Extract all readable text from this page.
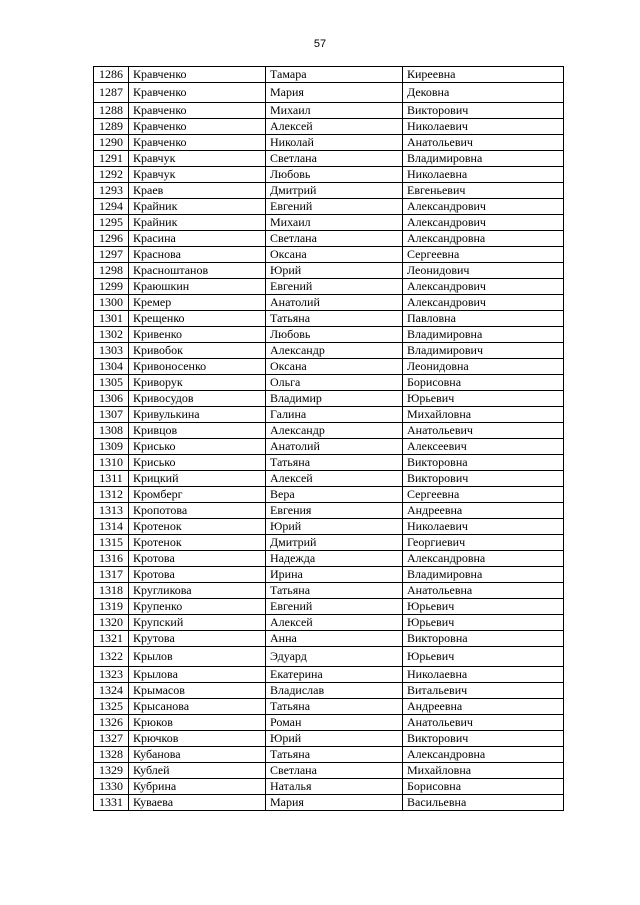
57
1286	Кравченко	Тамара	Киреевна
1287	Кравченко	Мария	Дековна
1288	Кравченко	Михаил	Викторович
1289	Кравченко	Алексей	Николаевич
1290	Кравченко	Николай	Анатольевич
1291	Кравчук	Светлана	Владимировна
1292	Кравчук	Любовь	Николаевна
1293	Краев	Дмитрий	Евгеньевич
1294	Крайник	Евгений	Александрович
1295	Крайник	Михаил	Александрович
1296	Красина	Светлана	Александровна
1297	Краснова	Оксана	Сергеевна
1298	Красноштанов	Юрий	Леонидович
1299	Краюшкин	Евгений	Александрович
1300	Кремер	Анатолий	Александрович
1301	Крещенко	Татьяна	Павловна
1302	Кривенко	Любовь	Владимировна
1303	Кривобок	Александр	Владимирович
1304	Кривоносенко	Оксана	Леонидовна
1305	Криворук	Ольга	Борисовна
1306	Кривосудов	Владимир	Юрьевич
1307	Кривулькина	Галина	Михайловна
1308	Кривцов	Александр	Анатольевич
1309	Крисько	Анатолий	Алексеевич
1310	Крисько	Татьяна	Викторовна
1311	Крицкий	Алексей	Викторович
1312	Кромберг	Вера	Сергеевна
1313	Кропотова	Евгения	Андреевна
1314	Кротенок	Юрий	Николаевич
1315	Кротенок	Дмитрий	Георгиевич
1316	Кротова	Надежда	Александровна
1317	Кротова	Ирина	Владимировна
1318	Кругликова	Татьяна	Анатольевна
1319	Крупенко	Евгений	Юрьевич
1320	Крупский	Алексей	Юрьевич
1321	Крутова	Анна	Викторовна
1322	Крылов	Эдуард	Юрьевич
1323	Крылова	Екатерина	Николаевна
1324	Крымасов	Владислав	Витальевич
1325	Крысанова	Татьяна	Андреевна
1326	Крюков	Роман	Анатольевич
1327	Крючков	Юрий	Викторович
1328	Кубанова	Татьяна	Александровна
1329	Кублей	Светлана	Михайловна
1330	Кубрина	Наталья	Борисовна
1331	Куваева	Мария	Васильевна
